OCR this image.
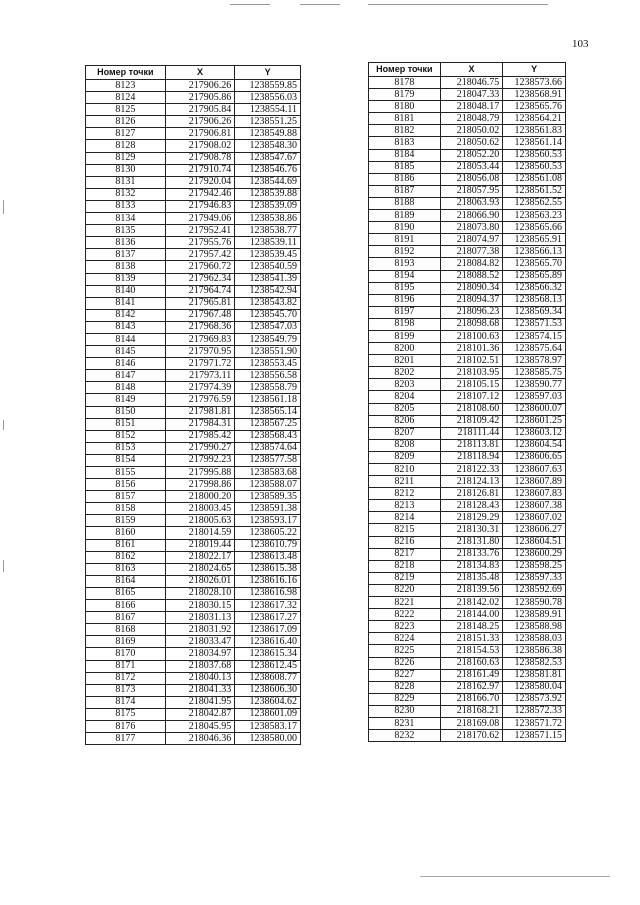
103
Номер точки	X	Y
8123	217906.26	1238559.85
8124	217905.86	1238556.03
8125	217905.84	1238554.11
8126	217906.26	1238551.25
8127	217906.81	1238549.88
8128	217908.02	1238548.30
8129	217908.78	1238547.67
8130	217910.74	1238546.76
8131	217920.04	1238544.69
8132	217942.46	1238539.88
8133	217946.83	1238539.09
8134	217949.06	1238538.86
8135	217952.41	1238538.77
8136	217955.76	1238539.11
8137	217957.42	1238539.45
8138	217960.72	1238540.59
8139	217962.34	1238541.39
8140	217964.74	1238542.94
8141	217965.81	1238543.82
8142	217967.48	1238545.70
8143	217968.36	1238547.03
8144	217969.83	1238549.79
8145	217970.95	1238551.90
8146	217971.72	1238553.45
8147	217973.11	1238556.58
8148	217974.39	1238558.79
8149	217976.59	1238561.18
8150	217981.81	1238565.14
8151	217984.31	1238567.25
8152	217985.42	1238568.43
8153	217990.27	1238574.64
8154	217992.23	1238577.58
8155	217995.88	1238583.68
8156	217998.86	1238588.07
8157	218000.20	1238589.35
8158	218003.45	1238591.38
8159	218005.63	1238593.17
8160	218014.59	1238605.22
8161	218019.44	1238610.79
8162	218022.17	1238613.48
8163	218024.65	1238615.38
8164	218026.01	1238616.16
8165	218028.10	1238616.98
8166	218030.15	1238617.32
8167	218031.13	1238617.27
8168	218031.92	1238617.09
8169	218033.47	1238616.40
8170	218034.97	1238615.34
8171	218037.68	1238612.45
8172	218040.13	1238608.77
8173	218041.33	1238606.30
8174	218041.95	1238604.62
8175	218042.87	1238601.09
8176	218045.95	1238583.17
8177	218046.36	1238580.00
Номер точки	X	Y
8178	218046.75	1238573.66
8179	218047.33	1238568.91
8180	218048.17	1238565.76
8181	218048.79	1238564.21
8182	218050.02	1238561.83
8183	218050.62	1238561.14
8184	218052.20	1238560.53
8185	218053.44	1238560.53
8186	218056.08	1238561.08
8187	218057.95	1238561.52
8188	218063.93	1238562.55
8189	218066.90	1238563.23
8190	218073.80	1238565.66
8191	218074.97	1238565.91
8192	218077.38	1238566.13
8193	218084.82	1238565.70
8194	218088.52	1238565.89
8195	218090.34	1238566.32
8196	218094.37	1238568.13
8197	218096.23	1238569.34
8198	218098.68	1238571.53
8199	218100.63	1238574.15
8200	218101.36	1238575.64
8201	218102.51	1238578.97
8202	218103.95	1238585.75
8203	218105.15	1238590.77
8204	218107.12	1238597.03
8205	218108.60	1238600.07
8206	218109.42	1238601.25
8207	218111.44	1238603.12
8208	218113.81	1238604.54
8209	218118.94	1238606.65
8210	218122.33	1238607.63
8211	218124.13	1238607.89
8212	218126.81	1238607.83
8213	218128.43	1238607.38
8214	218129.29	1238607.02
8215	218130.31	1238606.27
8216	218131.80	1238604.51
8217	218133.76	1238600.29
8218	218134.83	1238598.25
8219	218135.48	1238597.33
8220	218139.56	1238592.69
8221	218142.02	1238590.78
8222	218144.00	1238589.91
8223	218148.25	1238588.98
8224	218151.33	1238588.03
8225	218154.53	1238586.38
8226	218160.63	1238582.53
8227	218161.49	1238581.81
8228	218162.97	1238580.04
8229	218166.70	1238573.92
8230	218168.21	1238572.33
8231	218169.08	1238571.72
8232	218170.62	1238571.15
